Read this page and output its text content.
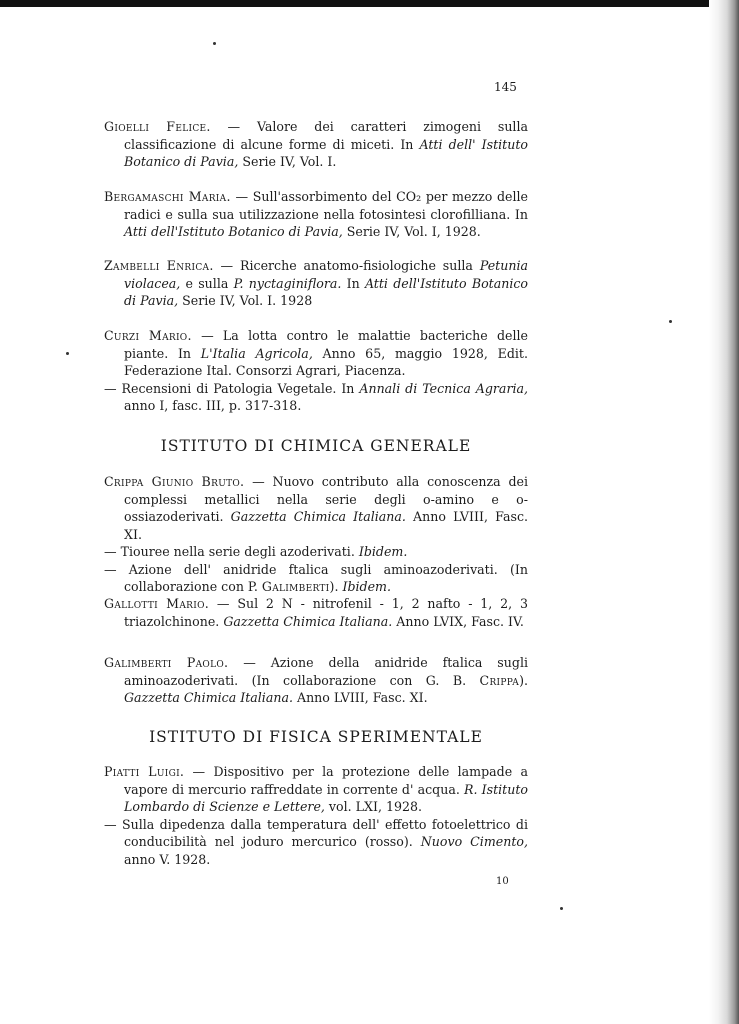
145

Gioelli Felice. — Valore dei caratteri zimogeni sulla classificazione di alcune forme di miceti. In Atti dell' Istituto Botanico di Pavia, Serie IV, Vol. I.

Bergamaschi Maria. — Sull'assorbimento del CO₂ per mezzo delle radici e sulla sua utilizzazione nella fotosintesi clorofilliana. In Atti dell'Istituto Botanico di Pavia, Serie IV, Vol. I, 1928.

Zambelli Enrica. — Ricerche anatomo-fisiologiche sulla Petunia violacea, e sulla P. nyctaginiflora. In Atti dell'Istituto Botanico di Pavia, Serie IV, Vol. I. 1928

Curzi Mario. — La lotta contro le malattie bacteriche delle piante. In L'Italia Agricola, Anno 65, maggio 1928, Edit. Federazione Ital. Consorzi Agrari, Piacenza.

— Recensioni di Patologia Vegetale. In Annali di Tecnica Agraria, anno I, fasc. III, p. 317-318.

ISTITUTO DI CHIMICA GENERALE

Crippa Giunio Bruto. — Nuovo contributo alla conoscenza dei complessi metallici nella serie degli o-amino e o-ossiazoderivati. Gazzetta Chimica Italiana. Anno LVIII, Fasc. XI.

— Tiouree nella serie degli azoderivati. Ibidem.

— Azione dell' anidride ftalica sugli aminoazoderivati. (In collaborazione con P. Galimberti). Ibidem.

Gallotti Mario. — Sul 2 N - nitrofenil - 1, 2 nafto - 1, 2, 3 triazolchinone. Gazzetta Chimica Italiana. Anno LVIX, Fasc. IV.

Galimberti Paolo. — Azione della anidride ftalica sugli aminoazoderivati. (In collaborazione con G. B. Crippa). Gazzetta Chimica Italiana. Anno LVIII, Fasc. XI.

ISTITUTO DI FISICA SPERIMENTALE

Piatti Luigi. — Dispositivo per la protezione delle lampade a vapore di mercurio raffreddate in corrente d' acqua. R. Istituto Lombardo di Scienze e Lettere, vol. LXI, 1928.

— Sulla dipedenza dalla temperatura dell' effetto fotoelettrico di conducibilità nel joduro mercurico (rosso). Nuovo Cimento, anno V. 1928.

10
